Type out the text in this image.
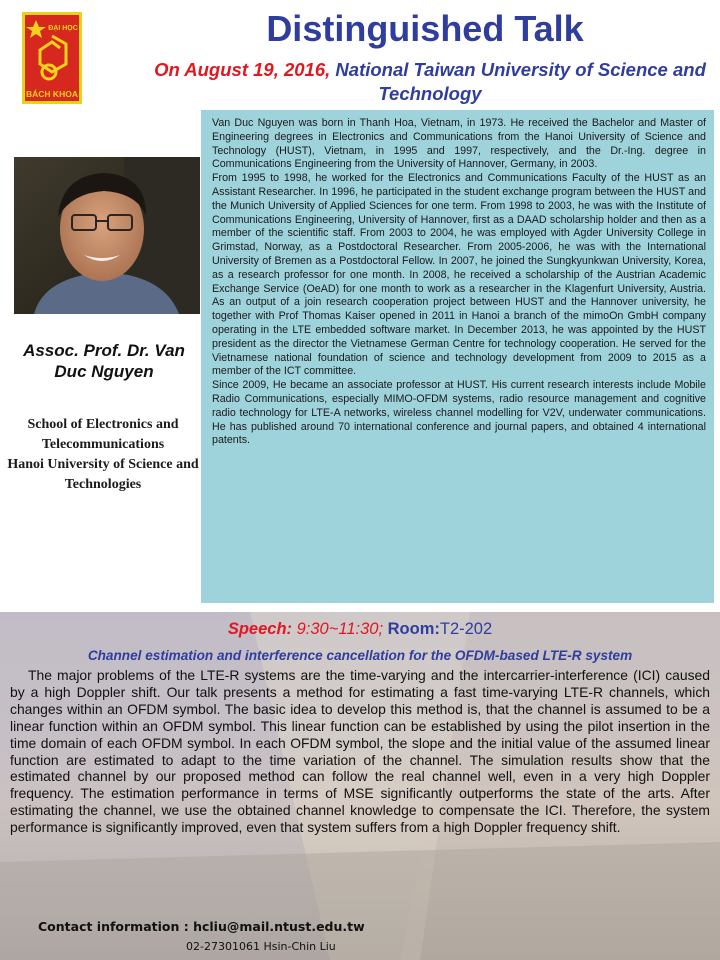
ĐẠI HỌC
BÁCH KHOA
Distinguished Talk
On August 19, 2016, National Taiwan University of Science and Technology
Assoc. Prof. Dr. Van Duc Nguyen
School of Electronics and Telecommunications
Hanoi University of Science and Technologies

Van Duc Nguyen was born in Thanh Hoa, Vietnam, in 1973. He received the Bachelor and Master of Engineering degrees in Electronics and Communications from the Hanoi University of Science and Technology (HUST), Vietnam, in 1995 and 1997, respectively, and the Dr.-Ing. degree in Communications Engineering from the University of Hannover, Germany, in 2003.

From 1995 to 1998, he worked for the Electronics and Communications Faculty of the HUST as an Assistant Researcher. In 1996, he participated in the student exchange program between the HUST and the Munich University of Applied Sciences for one term. From 1998 to 2003, he was with the Institute of Communications Engineering, University of Hannover, first as a DAAD scholarship holder and then as a member of the scientific staff. From 2003 to 2004, he was employed with Agder University College in Grimstad, Norway, as a Postdoctoral Researcher. From 2005-2006, he was with the International University of Bremen as a Postdoctoral Fellow. In 2007, he joined the Sungkyunkwan University, Korea, as a research professor for one month. In 2008, he received a scholarship of the Austrian Academic Exchange Service (OeAD) for one month to work as a researcher in the Klagenfurt University, Austria. As an output of a join research cooperation project between HUST and the Hannover university, he together with Prof Thomas Kaiser opened in 2011 in Hanoi a branch of the mimoOn GmbH company operating in the LTE embedded software market. In December 2013, he was appointed by the HUST president as the director the Vietnamese German Centre for technology cooperation. He served for the Vietnamese national foundation of science and technology development from 2009 to 2015 as a member of the ICT committee.

Since 2009, He became an associate professor at HUST. His current research interests include Mobile Radio Communications, especially MIMO-OFDM systems, radio resource management and cognitive radio technology for LTE-A networks, wireless channel modelling for V2V, underwater communications. He has published around 70 international conference and journal papers, and obtained 4 international patents.

Speech: 9:30~11:30; Room:T2-202
Channel estimation and interference cancellation for the OFDM-based LTE-R system

The major problems of the LTE-R systems are the time-varying and the intercarrier-interference (ICI) caused by a high Doppler shift. Our talk presents a method for estimating a fast time-varying LTE-R channels, which changes within an OFDM symbol. The basic idea to develop this method is, that the channel is assumed to be a linear function within an OFDM symbol. This linear function can be established by using the pilot insertion in the time domain of each OFDM symbol. In each OFDM symbol, the slope and the initial value of the assumed linear function are estimated to adapt to the time variation of the channel. The simulation results show that the estimated channel by our proposed method can follow the real channel well, even in a very high Doppler frequency. The estimation performance in terms of MSE significantly outperforms the state of the arts. After estimating the channel, we use the obtained channel knowledge to compensate the ICI. Therefore, the system performance is significantly improved, even that system suffers from a high Doppler frequency shift.

Contact information : hcliu@mail.ntust.edu.tw
02-27301061 Hsin-Chin Liu
